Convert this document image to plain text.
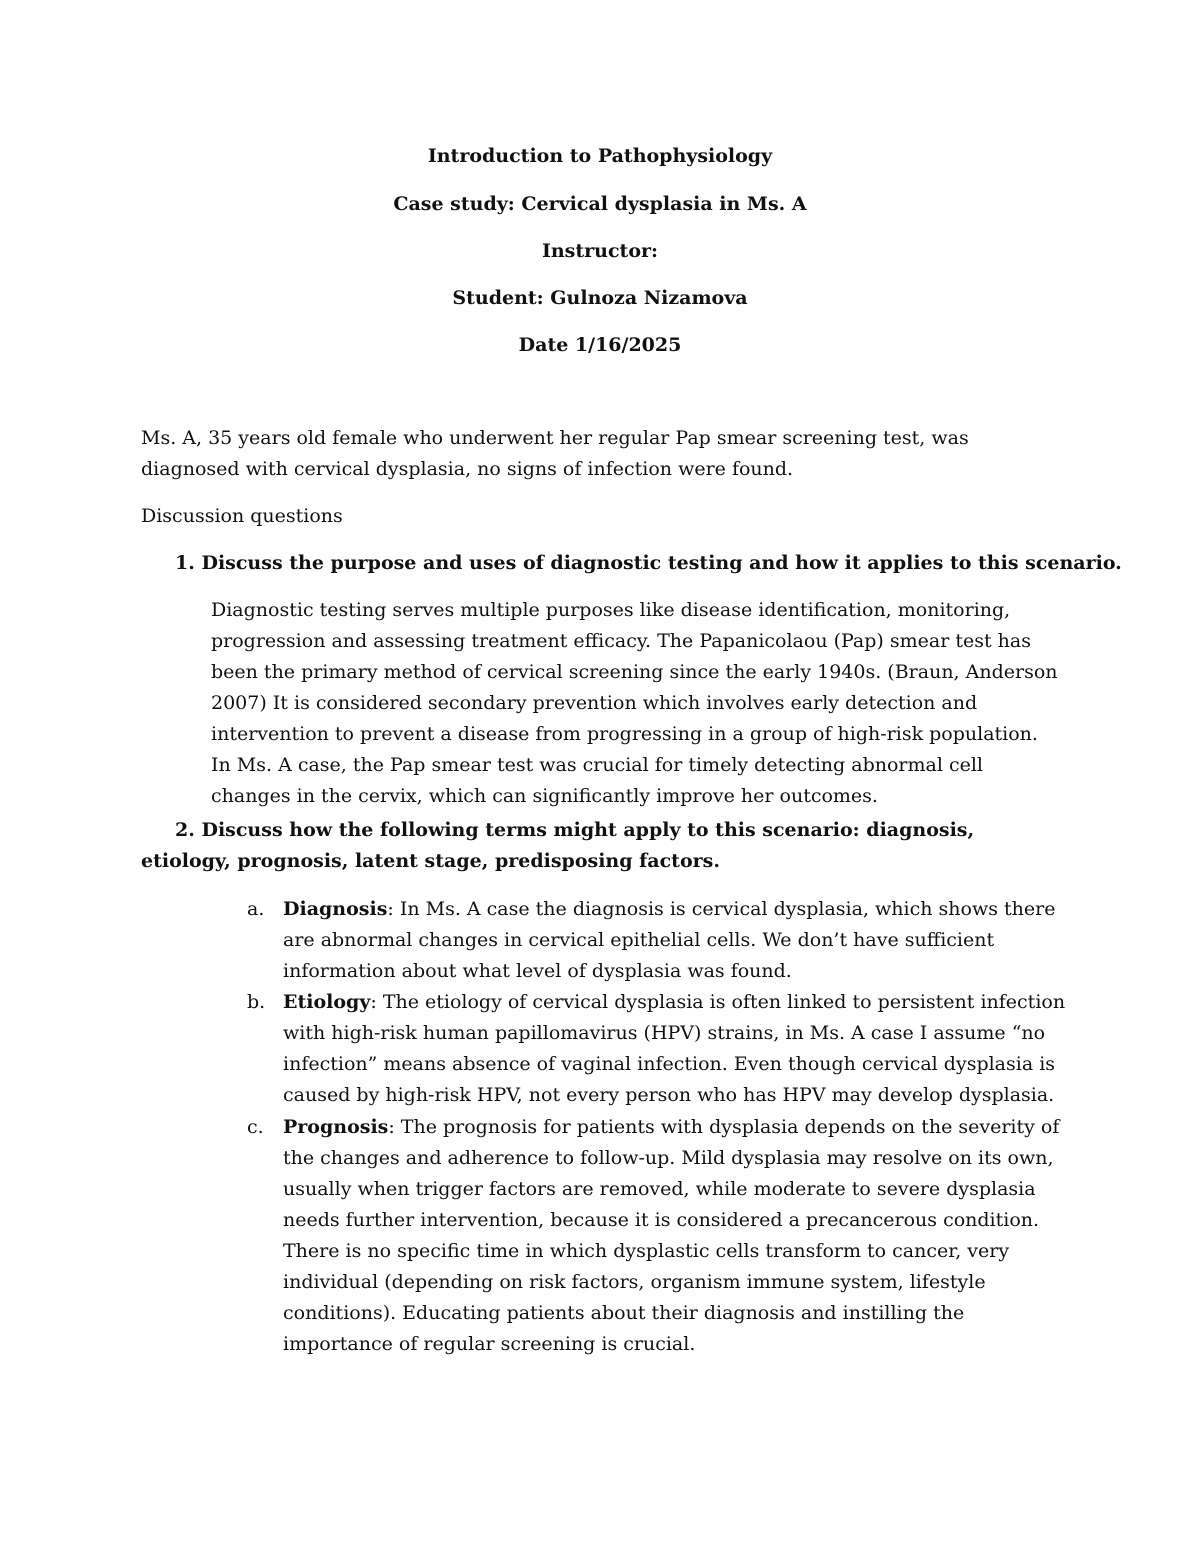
Introduction to Pathophysiology

Case study: Cervical dysplasia in Ms. A

Instructor:

Student: Gulnoza Nizamova

Date 1/16/2025

Ms. A, 35 years old female who underwent her regular Pap smear screening test, was diagnosed with cervical dysplasia, no signs of infection were found.

Discussion questions

1. Discuss the purpose and uses of diagnostic testing and how it applies to this scenario.

Diagnostic testing serves multiple purposes like disease identification, monitoring, progression and assessing treatment efficacy. The Papanicolaou (Pap) smear test has been the primary method of cervical screening since the early 1940s. (Braun, Anderson 2007) It is considered secondary prevention which involves early detection and intervention to prevent a disease from progressing in a group of high-risk population. In Ms. A case, the Pap smear test was crucial for timely detecting abnormal cell changes in the cervix, which can significantly improve her outcomes.

2. Discuss how the following terms might apply to this scenario: diagnosis, etiology, prognosis, latent stage, predisposing factors.

a. Diagnosis: In Ms. A case the diagnosis is cervical dysplasia, which shows there are abnormal changes in cervical epithelial cells. We don’t have sufficient information about what level of dysplasia was found.

b. Etiology: The etiology of cervical dysplasia is often linked to persistent infection with high-risk human papillomavirus (HPV) strains, in Ms. A case I assume “no infection” means absence of vaginal infection. Even though cervical dysplasia is caused by high-risk HPV, not every person who has HPV may develop dysplasia.

c. Prognosis: The prognosis for patients with dysplasia depends on the severity of the changes and adherence to follow-up. Mild dysplasia may resolve on its own, usually when trigger factors are removed, while moderate to severe dysplasia needs further intervention, because it is considered a precancerous condition. There is no specific time in which dysplastic cells transform to cancer, very individual (depending on risk factors, organism immune system, lifestyle conditions). Educating patients about their diagnosis and instilling the importance of regular screening is crucial.
